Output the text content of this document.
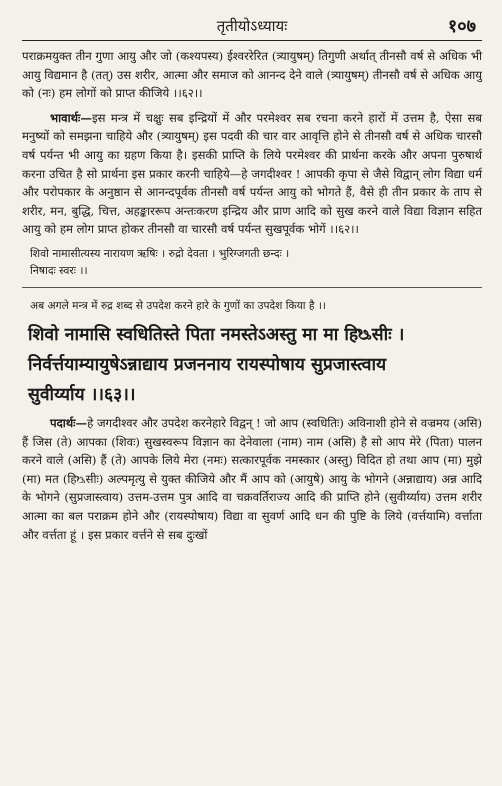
तृतीयोऽध्यायः	१०७

पराक्रमयुक्त तीन गुणा आयु और जो (कश्यपस्य) ईश्वररेरित (त्र्यायुषम्) तिगुणी अर्थात् तीनसौ वर्ष से अधिक भी आयु विद्यमान है (तत्) उस शरीर, आत्मा और समाज को आनन्द देने वाले (त्र्यायुषम्) तीनसौ वर्ष से अधिक आयु को (नः) हम लोगों को प्राप्त कीजिये ।।६२।।

भावार्थः—इस मन्त्र में चक्षुः सब इन्द्रियों में और परमेश्वर सब रचना करने हारों में उत्तम है, ऐसा सब मनुष्यों को समझना चाहिये और (त्र्यायुषम्) इस पदवी की चार वार आवृत्ति होने से तीनसौ वर्ष से अधिक चारसौ वर्ष पर्यन्त भी आयु का ग्रहण किया है। इसकी प्राप्ति के लिये परमेश्वर की प्रार्थना करके और अपना पुरुषार्थ करना उचित है सो प्रार्थना इस प्रकार करनी चाहिये—हे जगदीश्वर ! आपकी कृपा से जैसे विद्वान् लोग विद्या धर्म और परोपकार के अनुष्ठान से आनन्दपूर्वक तीनसौ वर्ष पर्यन्त आयु को भोगते हैं, वैसे ही तीन प्रकार के ताप से शरीर, मन, बुद्धि, चित्त, अहङ्काररूप अन्तःकरण इन्द्रिय और प्राण आदि को सुख करने वाले विद्या विज्ञान सहित आयु को हम लोग प्राप्त होकर तीनसौ वा चारसौ वर्ष पर्यन्त सुखपूर्वक भोगें ।।६२।।

शिवो नामासीत्यस्य नारायण ऋषिः । रुद्रो देवता । भुरिग्जगती छन्दः ।
निषादः स्वरः ।।
अब अगले मन्त्र में रुद्र शब्द से उपदेश करने हारे के गुणों का उपदेश किया है ।।
शिवो नामासि स्वधितिस्ते पिता नमस्तेऽअस्तु मा मा हिᳬसीः ।
निर्वर्त्तयाम्यायुषेऽन्नाद्याय प्रजननाय रायस्पोषाय सुप्रजास्त्वाय
सुवीर्य्याय ।।६३।।

पदार्थः—हे जगदीश्वर और उपदेश करनेहारे विद्वन् ! जो आप (स्वधितिः) अविनाशी होने से वज्रमय (असि) हैं जिस (ते) आपका (शिवः) सुखस्वरूप विज्ञान का देनेवाला (नाम) नाम (असि) है सो आप मेरे (पिता) पालन करने वाले (असि) हैं (ते) आपके लिये मेरा (नमः) सत्कारपूर्वक नमस्कार (अस्तु) विदित हो तथा आप (मा) मुझे (मा) मत (हिᳬसीः) अल्पमृत्यु से युक्त कीजिये और मैं आप को (आयुषे) आयु के भोगने (अन्नाद्याय) अन्न आदि के भोगने (सुप्रजास्त्वाय) उत्तम-उत्तम पुत्र आदि वा चक्रवर्तिराज्य आदि की प्राप्ति होने (सुवीर्य्याय) उत्तम शरीर आत्मा का बल पराक्रम होने और (रायस्पोषाय) विद्या वा सुवर्ण आदि धन की पुष्टि के लिये (वर्त्तयामि) वर्त्ताता और वर्त्तता हूं । इस प्रकार वर्त्तने से सब दुःखों
